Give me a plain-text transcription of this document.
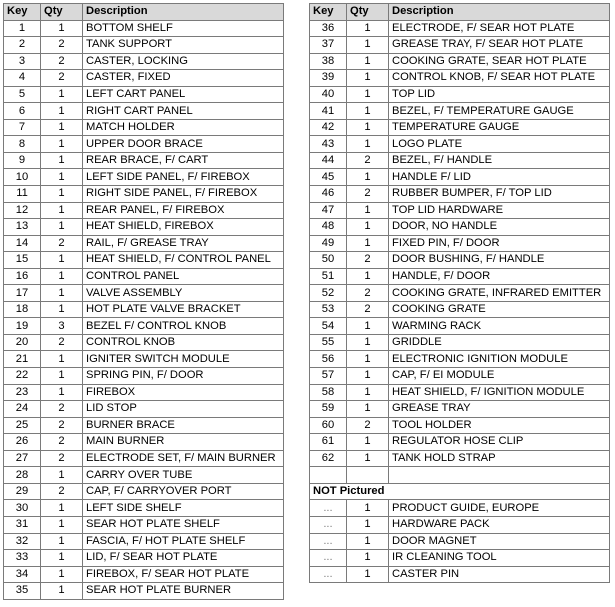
Key	Qty	Description
1	1	BOTTOM SHELF
2	2	TANK SUPPORT
3	2	CASTER, LOCKING
4	2	CASTER, FIXED
5	1	LEFT CART PANEL
6	1	RIGHT CART PANEL
7	1	MATCH HOLDER
8	1	UPPER DOOR BRACE
9	1	REAR BRACE, F/ CART
10	1	LEFT SIDE PANEL, F/ FIREBOX
11	1	RIGHT SIDE PANEL, F/ FIREBOX
12	1	REAR PANEL, F/ FIREBOX
13	1	HEAT SHIELD, FIREBOX
14	2	RAIL, F/ GREASE TRAY
15	1	HEAT SHIELD, F/ CONTROL PANEL
16	1	CONTROL PANEL
17	1	VALVE ASSEMBLY
18	1	HOT PLATE VALVE BRACKET
19	3	BEZEL F/ CONTROL KNOB
20	2	CONTROL KNOB
21	1	IGNITER SWITCH MODULE
22	1	SPRING PIN, F/ DOOR
23	1	FIREBOX
24	2	LID STOP
25	2	BURNER BRACE
26	2	MAIN BURNER
27	2	ELECTRODE SET, F/ MAIN BURNER
28	1	CARRY OVER TUBE
29	2	CAP, F/ CARRYOVER PORT
30	1	LEFT SIDE SHELF
31	1	SEAR HOT PLATE SHELF
32	1	FASCIA, F/ HOT PLATE SHELF
33	1	LID, F/ SEAR HOT PLATE
34	1	FIREBOX, F/ SEAR HOT PLATE
35	1	SEAR HOT PLATE BURNER
Key	Qty	Description
36	1	ELECTRODE, F/ SEAR HOT PLATE
37	1	GREASE TRAY, F/ SEAR HOT PLATE
38	1	COOKING GRATE, SEAR HOT PLATE
39	1	CONTROL KNOB, F/ SEAR HOT PLATE
40	1	TOP LID
41	1	BEZEL, F/ TEMPERATURE GAUGE
42	1	TEMPERATURE GAUGE
43	1	LOGO PLATE
44	2	BEZEL, F/ HANDLE
45	1	HANDLE F/ LID
46	2	RUBBER BUMPER, F/ TOP LID
47	1	TOP LID HARDWARE
48	1	DOOR, NO HANDLE
49	1	FIXED PIN, F/ DOOR
50	2	DOOR BUSHING, F/ HANDLE
51	1	HANDLE, F/ DOOR
52	2	COOKING GRATE, INFRARED EMITTER
53	2	COOKING GRATE
54	1	WARMING RACK
55	1	GRIDDLE
56	1	ELECTRONIC IGNITION MODULE
57	1	CAP, F/ EI MODULE
58	1	HEAT SHIELD, F/ IGNITION MODULE
59	1	GREASE TRAY
60	2	TOOL HOLDER
61	1	REGULATOR HOSE CLIP
62	1	TANK HOLD STRAP

NOT Pictured		
...	1	PRODUCT GUIDE, EUROPE
...	1	HARDWARE PACK
...	1	DOOR MAGNET
...	1	IR CLEANING TOOL
...	1	CASTER PIN
